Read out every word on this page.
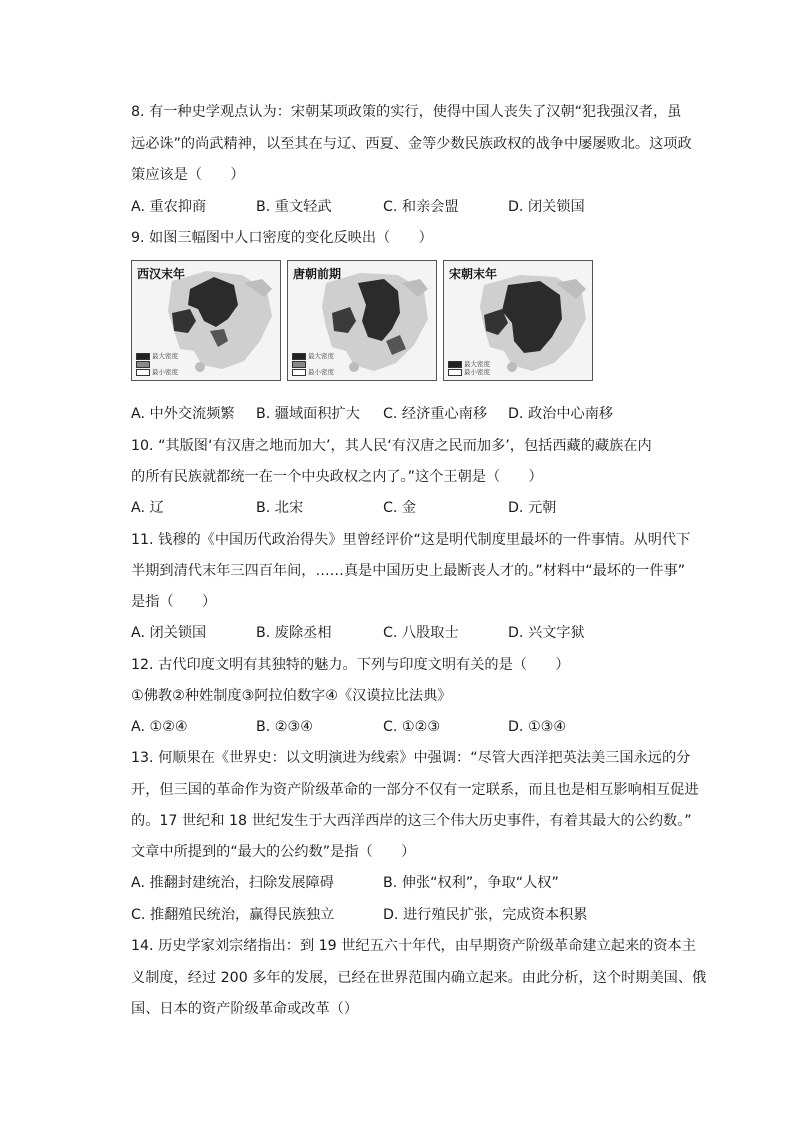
8. 有一种史学观点认为：宋朝某项政策的实行，使得中国人丧失了汉朝“犯我强汉者，虽
远必诛”的尚武精神，以至其在与辽、西夏、金等少数民族政权的战争中屡屡败北。这项政
策应该是（　　）
A. 重农抑商	B. 重文轻武	C. 和亲会盟	D. 闭关锁国
9. 如图三幅图中人口密度的变化反映出（　　）
西汉末年
最大密度
最小密度
唐朝前期
最大密度
最小密度
宋朝末年
最大密度
最小密度
A. 中外交流频繁 B. 疆域面积扩大 C. 经济重心南移 D. 政治中心南移
10. “其版图‘有汉唐之地而加大’，其人民‘有汉唐之民而加多’，包括西藏的藏族在内
的所有民族就都统一在一个中央政权之内了。”这个王朝是（　　）
A. 辽	B. 北宋	C. 金	D. 元朝
11. 钱穆的《中国历代政治得失》里曾经评价“这是明代制度里最坏的一件事情。从明代下
半期到清代末年三四百年间，……真是中国历史上最断丧人才的。”材料中“最坏的一件事”
是指（　　）
A. 闭关锁国	B. 废除丞相	C. 八股取士	D. 兴文字狱
12. 古代印度文明有其独特的魅力。下列与印度文明有关的是（　　）
①佛教②种姓制度③阿拉伯数字④《汉谟拉比法典》
A. ①②④	B. ②③④	C. ①②③	D. ①③④
13. 何顺果在《世界史：以文明演进为线索》中强调：“尽管大西洋把英法美三国永远的分
开，但三国的革命作为资产阶级革命的一部分不仅有一定联系，而且也是相互影响相互促进
的。17 世纪和 18 世纪发生于大西洋西岸的这三个伟大历史事件，有着其最大的公约数。”
文章中所提到的“最大的公约数”是指（　　）
A. 推翻封建统治，扫除发展障碍	B. 伸张“权利”，争取“人权”
C. 推翻殖民统治，赢得民族独立	D. 进行殖民扩张，完成资本积累
14. 历史学家刘宗绪指出：到 19 世纪五六十年代，由早期资产阶级革命建立起来的资本主
义制度，经过 200 多年的发展，已经在世界范围内确立起来。由此分析，这个时期美国、俄
国、日本的资产阶级革命或改革（）
